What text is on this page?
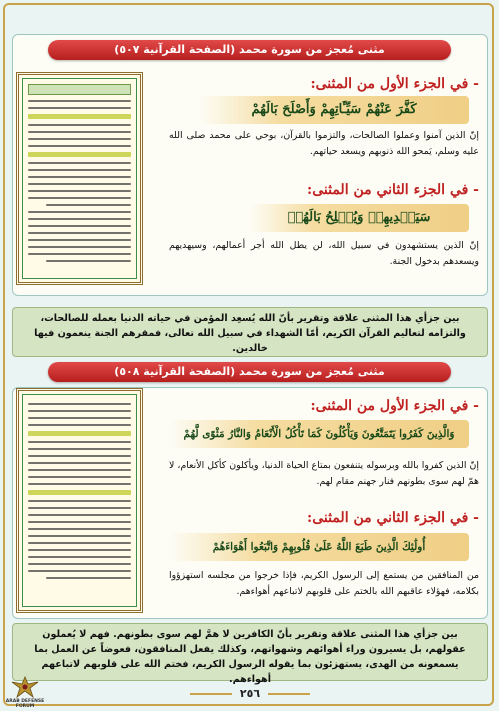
مثنى مُعجز من سورة محمد (الصفحة القرآنية ٥٠٧)
- في الجزء الأول من المثنى:
كَفَّرَ عَنْهُمْ سَيِّـَٔاتِهِمْ وَأَصْلَحَ بَالَهُمْ
إنّ الذين آمنوا وعملوا الصالحات، والتزموا بالقرآن، بوحي على محمد صلى الله عليه وسلم، يَمحو الله ذنوبهم ويسعد حياتهم.
- في الجزء الثاني من المثنى:
سَيَهۡدِيهِمۡ وَيُصۡلِحُ بَالَهُمۡ
إنّ الذين يستشهدون في سبيل الله، لن يطل الله أجر أعمالهم، وسيهديهم ويسعدهم بدخول الجنة.
بين جزأي هذا المثنى علاقة وتقرير بأنّ الله يُسعِد المؤمن في حياته الدنيا بعمله للصالحات، والتزامه لتعاليم القرآن الكريم، أمّا الشهداء في سبيل الله تعالى، فمقرهم الجنة ينعمون فيها خالدين.
مثنى مُعجز من سورة محمد (الصفحة القرآنية ٥٠٨)
- في الجزء الأول من المثنى:
وَالَّذِينَ كَفَرُوا يَتَمَتَّعُونَ وَيَأْكُلُونَ كَمَا تَأْكُلُ الْأَنْعَامُ وَالنَّارُ مَثْوًى لَّهُمْ
إنّ الذين كفروا بالله وبرسوله يتنفعون بمتاع الحياة الدنيا، ويأكلون كأكل الأنعام، لا همّ لهم سوى بطونهم فنار جهنم مقام لهم.
- في الجزء الثاني من المثنى:
أُولَٰئِكَ الَّذِينَ طَبَعَ اللَّهُ عَلَىٰ قُلُوبِهِمْ وَاتَّبَعُوا أَهْوَاءَهُمْ
من المنافقين من يستمع إلى الرسول الكريم، فإذا خرجوا من مجلسه استهزؤوا بكلامه، فهؤلاء عاقبهم الله بالختم على قلوبهم لاتباعهم أهواءهم.
بين جزأي هذا المثنى علاقة وتقرير بأنّ الكافرين لا همَّ لهم سوى بطونهم. فهم لا يُعملون عقولهم، بل يسيرون وراء أهوائهم وشهواتهم، وكذلك يفعل المنافقون، فعوضاً عن العمل بما يسمعونه من الهدى، يستهزئون بما يقوله الرسول الكريم، فختم الله على قلوبهم لاتباعهم أهواءهم.
٢٥٦
ARAB DEFENSE FORUM
